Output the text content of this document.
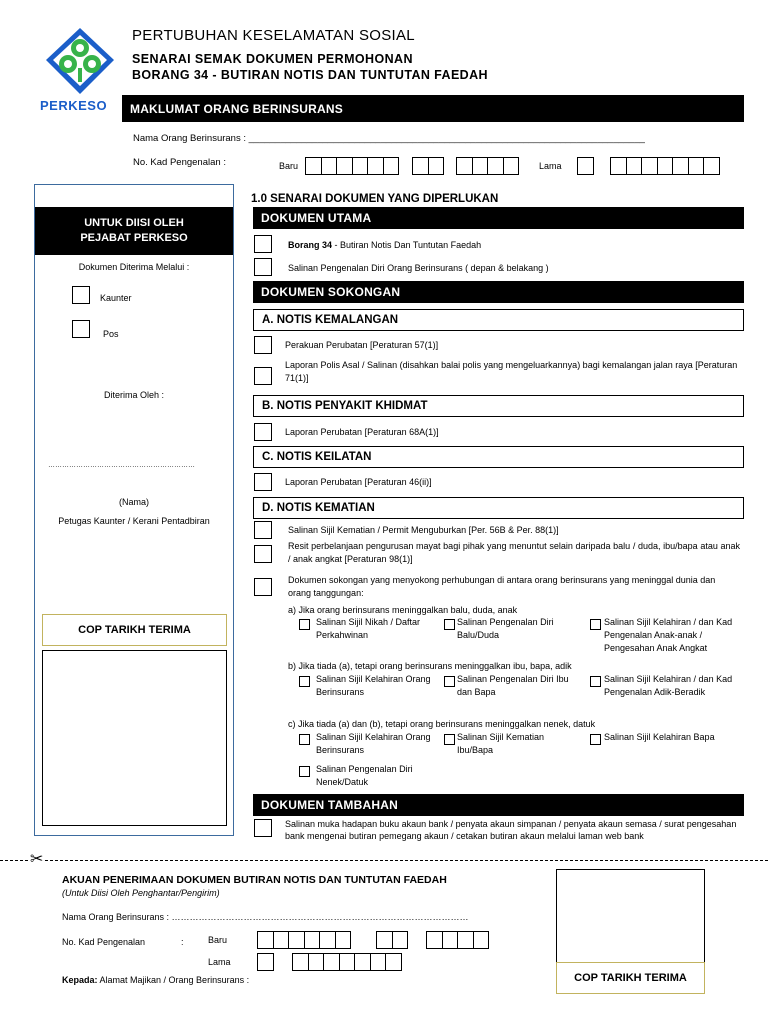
PERKESO
PERTUBUHAN KESELAMATAN SOSIAL
SENARAI SEMAK DOKUMEN PERMOHONAN
BORANG 34 - BUTIRAN NOTIS DAN TUNTUTAN FAEDAH
MAKLUMAT ORANG BERINSURANS
Nama Orang Berinsurans : ___________________________________________________________________________
No. Kad Pengenalan :	Baru	Lama
UNTUK DIISI OLEH
PEJABAT PERKESO
Dokumen Diterima Melalui :
Kaunter
Pos
Diterima Oleh :
………………………………………………………
(Nama)
Petugas Kaunter / Kerani Pentadbiran
COP TARIKH TERIMA
1.0 SENARAI DOKUMEN YANG DIPERLUKAN
DOKUMEN UTAMA
Borang 34 - Butiran Notis Dan Tuntutan Faedah
Salinan Pengenalan Diri Orang Berinsurans ( depan & belakang )
DOKUMEN SOKONGAN
A. NOTIS KEMALANGAN
Perakuan Perubatan [Peraturan 57(1)]
Laporan Polis Asal / Salinan (disahkan balai polis yang mengeluarkannya) bagi kemalangan jalan raya [Peraturan 71(1)]
B. NOTIS PENYAKIT KHIDMAT
Laporan Perubatan [Peraturan 68A(1)]
C. NOTIS KEILATAN
Laporan Perubatan [Peraturan 46(ii)]
D. NOTIS KEMATIAN
Salinan Sijil Kematian / Permit Menguburkan [Per. 56B & Per. 88(1)]
Resit perbelanjaan pengurusan mayat bagi pihak yang menuntut selain daripada balu / duda, ibu/bapa atau anak / anak angkat [Peraturan 98(1)]
Dokumen sokongan yang menyokong perhubungan di antara orang berinsurans yang meninggal dunia dan orang tanggungan:
a) Jika orang berinsurans meninggalkan balu, duda, anak
Salinan Sijil Nikah / Daftar Perkahwinan
Salinan Pengenalan Diri Balu/Duda
Salinan Sijil Kelahiran / dan Kad Pengenalan Anak-anak / Pengesahan Anak Angkat
b) Jika tiada (a), tetapi orang berinsurans meninggalkan ibu, bapa, adik
Salinan Sijil Kelahiran Orang Berinsurans
Salinan Pengenalan Diri Ibu dan Bapa
Salinan Sijil Kelahiran / dan Kad Pengenalan Adik-Beradik
c) Jika tiada (a) dan (b), tetapi orang berinsurans meninggalkan nenek, datuk
Salinan Sijil Kelahiran Orang Berinsurans
Salinan Sijil Kematian Ibu/Bapa
Salinan Sijil Kelahiran Bapa
Salinan Pengenalan Diri Nenek/Datuk
DOKUMEN TAMBAHAN
Salinan muka hadapan buku akaun bank / penyata akaun simpanan / penyata akaun semasa / surat pengesahan bank mengenai butiran pemegang akaun / cetakan butiran akaun melalui laman web bank
✂
AKUAN PENERIMAAN DOKUMEN BUTIRAN NOTIS DAN TUNTUTAN FAEDAH
(Untuk Diisi Oleh Penghantar/Pengirim)
Nama Orang Berinsurans : ………………………………………………………………………………………
No. Kad Pengenalan	:	Baru
Lama
Kepada: Alamat Majikan / Orang Berinsurans :	COP TARIKH TERIMA
